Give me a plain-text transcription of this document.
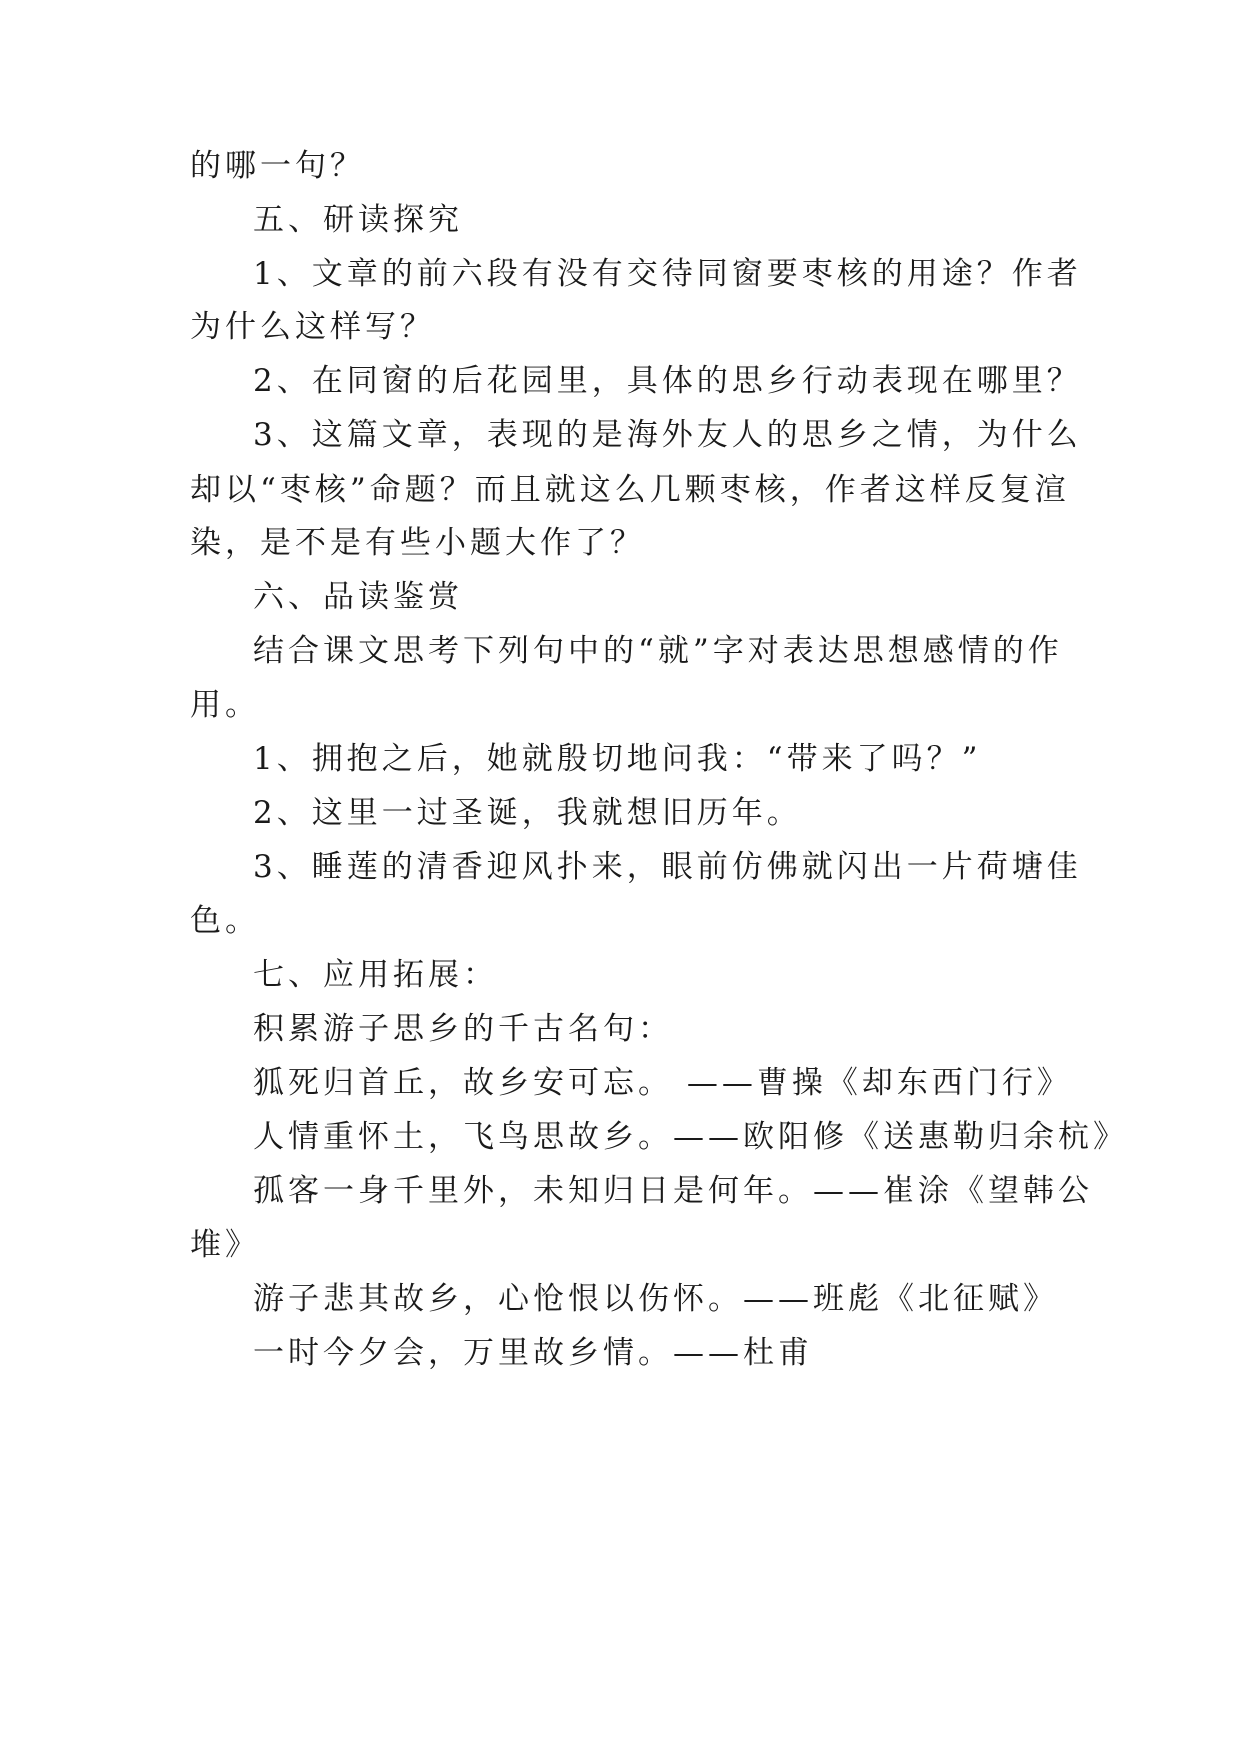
的哪一句？
五、研读探究
1、文章的前六段有没有交待同窗要枣核的用途？作者
为什么这样写？
2、在同窗的后花园里，具体的思乡行动表现在哪里？
3、这篇文章，表现的是海外友人的思乡之情，为什么
却以“枣核”命题？而且就这么几颗枣核，作者这样反复渲
染，是不是有些小题大作了？
六、品读鉴赏
结合课文思考下列句中的“就”字对表达思想感情的作
用。
1、拥抱之后，她就殷切地问我：“带来了吗？”
2、这里一过圣诞，我就想旧历年。
3、睡莲的清香迎风扑来，眼前仿佛就闪出一片荷塘佳
色。
七、应用拓展：
积累游子思乡的千古名句：
狐死归首丘，故乡安可忘。 ——曹操《却东西门行》
人情重怀土，飞鸟思故乡。——欧阳修《送惠勒归余杭》
孤客一身千里外，未知归日是何年。——崔涂《望韩公
堆》
游子悲其故乡，心怆恨以伤怀。——班彪《北征赋》
一时今夕会，万里故乡情。——杜甫
